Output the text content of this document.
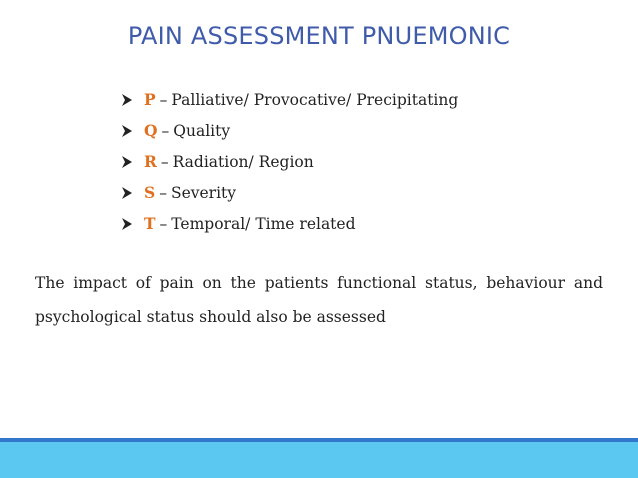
PAIN ASSESSMENT PNUEMONIC
P – Palliative/ Provocative/ Precipitating
Q – Quality
R – Radiation/ Region
S – Severity
T – Temporal/ Time related
The impact of pain on the patients functional status, behaviour and psychological status should also be assessed
